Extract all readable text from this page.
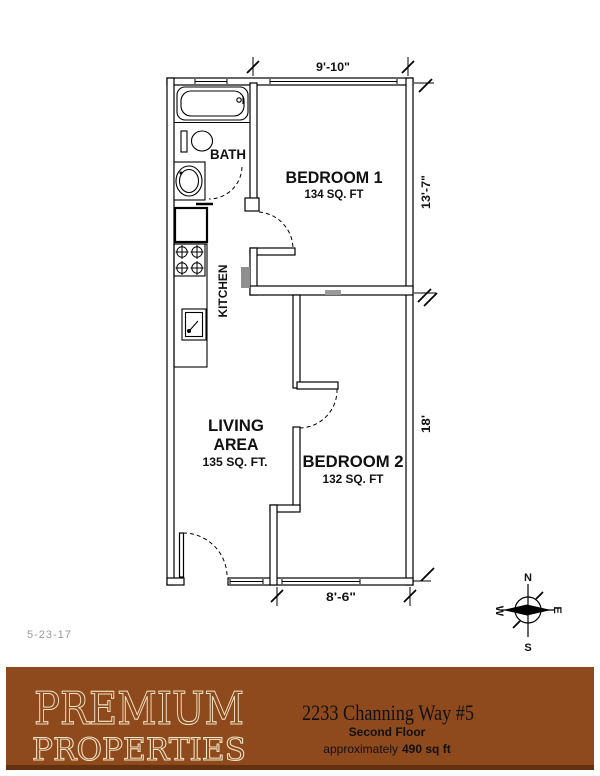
BEDROOM 1
134 SQ. FT
BATH
KITCHEN
LIVING
AREA
135 SQ. FT. BEDROOM 2
132 SQ. FT
9'-10"
13'-7"
18'
8'-6"
N
S
W	E
5-23-17
PREMIUM
PROPERTIES
2233 Channing Way #5
Second Floor
approximately 490 sq ft
